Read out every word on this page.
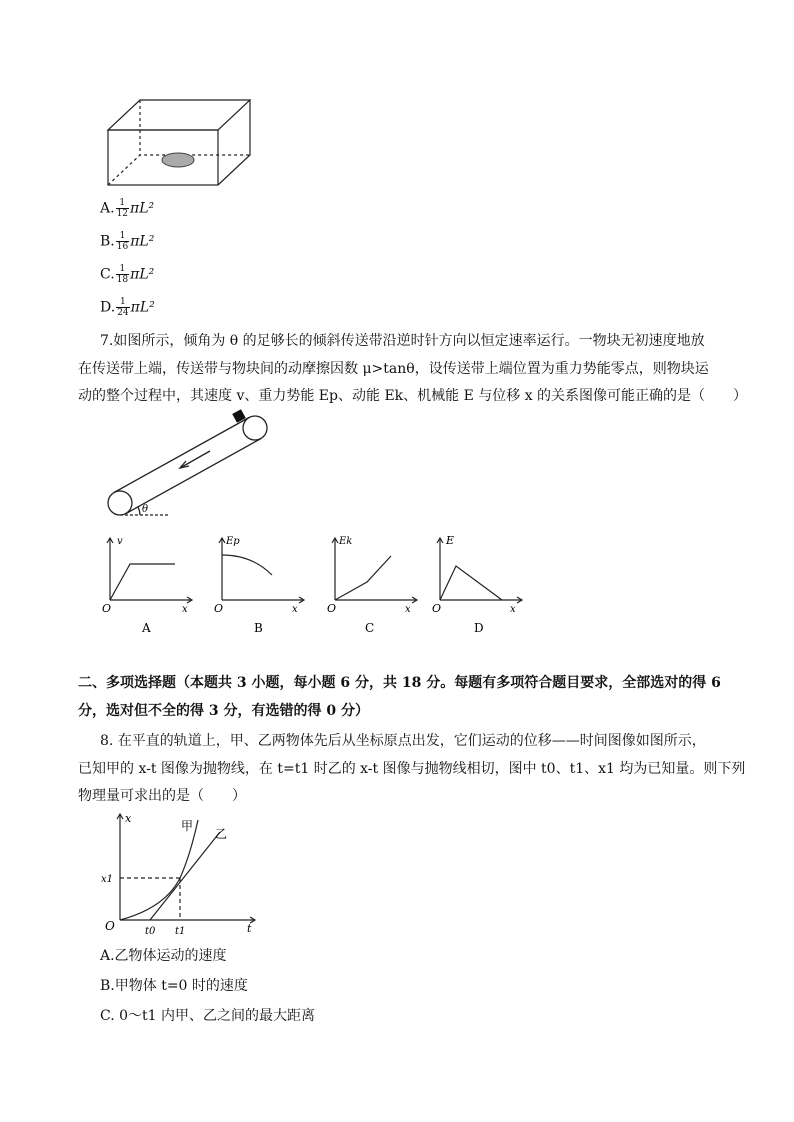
A. $\frac{1}{12} \pi L^2$
B. $\frac{1}{16} \pi L^2$
C. $\frac{1}{18} \pi L^2$
D. $\frac{1}{24} \pi L^2$
7.如图所示，倾角为 θ 的足够长的倾斜传送带沿逆时针方向以恒定速率运行。一物块无初速度地放
在传送带上端，传送带与物块间的动摩擦因数 μ>tanθ，设传送带上端位置为重力势能零点，则物块运
动的整个过程中，其速度 v、重力势能 Ep、动能 Ek、机械能 E 与位移 x 的关系图像可能正确的是（　　）
θ
v
O	x
A
Ep
O	x
B
Ek
O	x
C
E
O	x
D
二、多项选择题（本题共 3 小题，每小题 6 分，共 18 分。每题有多项符合题目要求，全部选对的得 6
分，选对但不全的得 3 分，有选错的得 0 分）
8. 在平直的轨道上，甲、乙两物体先后从坐标原点出发，它们运动的位移——时间图像如图所示，
已知甲的 x-t 图像为抛物线，在 t=t1 时乙的 x-t 图像与抛物线相切，图中 t0、t1、x1 均为已知量。则下列
物理量可求出的是（　　）
x
甲
乙
x1
O	t0 t1	t
A.乙物体运动的速度
B.甲物体 t=0 时的速度
C. 0～t1 内甲、乙之间的最大距离
